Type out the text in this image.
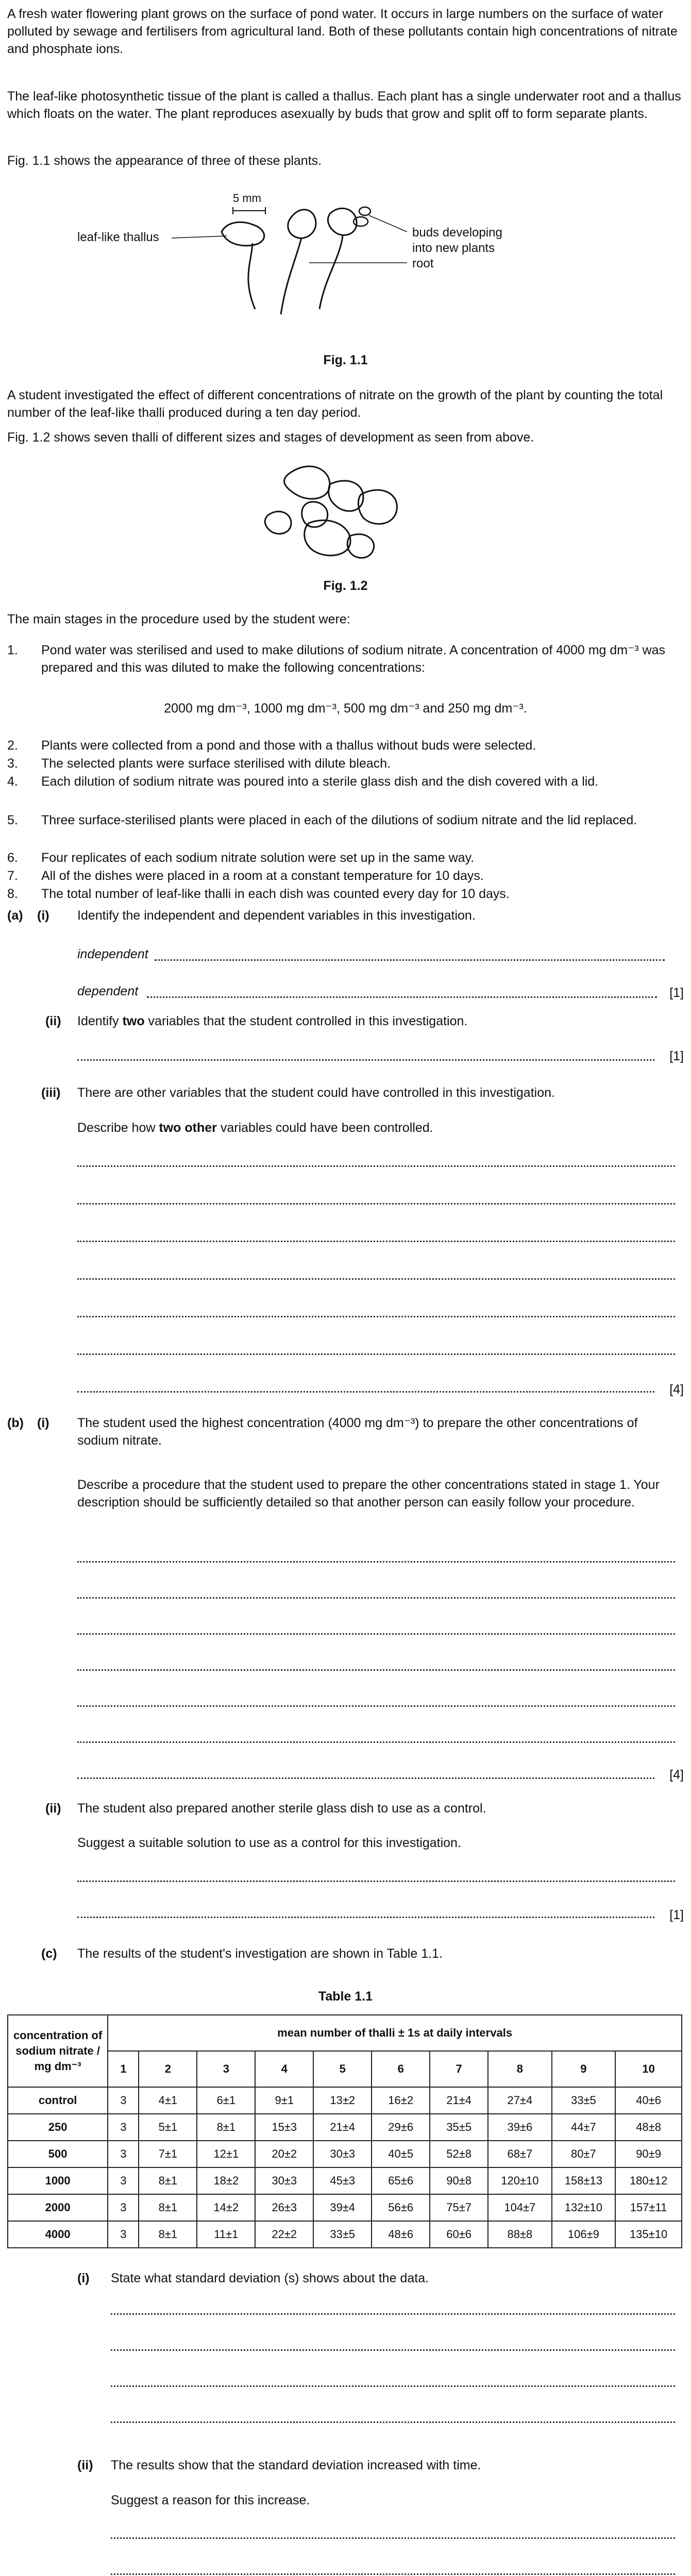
A fresh water flowering plant grows on the surface of pond water. It occurs in large numbers on the surface of water polluted by sewage and fertilisers from agricultural land. Both of these pollutants contain high concentrations of nitrate and phosphate ions.

The leaf-like photosynthetic tissue of the plant is called a thallus. Each plant has a single underwater root and a thallus which floats on the water. The plant reproduces asexually by buds that grow and split off to form separate plants.

Fig. 1.1 shows the appearance of three of these plants.

5 mm
leaf-like thallus	buds developing
into new plants
root
Fig. 1.1

A student investigated the effect of different concentrations of nitrate on the growth of the plant by counting the total number of the leaf-like thalli produced during a ten day period.

Fig. 1.2 shows seven thalli of different sizes and stages of development as seen from above.

Fig. 1.2

The main stages in the procedure used by the student were:

1.	Pond water was sterilised and used to make dilutions of sodium nitrate. A concentration of 4000 mg dm⁻³ was prepared and this was diluted to make the following concentrations:

2000 mg dm⁻³, 1000 mg dm⁻³, 500 mg dm⁻³ and 250 mg dm⁻³.

2.	Plants were collected from a pond and those with a thallus without buds were selected.

3.	The selected plants were surface sterilised with dilute bleach.

4.	Each dilution of sodium nitrate was poured into a sterile glass dish and the dish covered with a lid.

5.	Three surface-sterilised plants were placed in each of the dilutions of sodium nitrate and the lid replaced.

6.	Four replicates of each sodium nitrate solution were set up in the same way.

7.	All of the dishes were placed in a room at a constant temperature for 10 days.

8.	The total number of leaf-like thalli in each dish was counted every day for 10 days.

(a) (i) Identify the independent and dependent variables in this investigation.
independent
dependent	[1]
(ii) Identify two variables that the student controlled in this investigation.
[1]
(iii) There are other variables that the student could have controlled in this investigation.
Describe how two other variables could have been controlled.
[4]
(b) (i) The student used the highest concentration (4000 mg dm⁻³) to prepare the other concentrations of sodium nitrate.

Describe a procedure that the student used to prepare the other concentrations stated in stage 1. Your description should be sufficiently detailed so that another person can easily follow your procedure.

[4]
(ii) The student also prepared another sterile glass dish to use as a control.
Suggest a suitable solution to use as a control for this investigation.
[1]
(c) The results of the student's investigation are shown in Table 1.1.
Table 1.1
concentration of sodium nitrate / mg dm⁻³	mean number of thalli ± 1s at daily intervals									
	1	2	3	4	5	6	7	8	9	10
control	3	4±1	6±1	9±1	13±2	16±2	21±4	27±4	33±5	40±6
250	3	5±1	8±1	15±3	21±4	29±6	35±5	39±6	44±7	48±8
500	3	7±1	12±1	20±2	30±3	40±5	52±8	68±7	80±7	90±9
1000	3	8±1	18±2	30±3	45±3	65±6	90±8	120±10	158±13	180±12
2000	3	8±1	14±2	26±3	39±4	56±6	75±7	104±7	132±10	157±11
4000	3	8±1	11±1	22±2	33±5	48±6	60±6	88±8	106±9	135±10
(i) State what standard deviation (s) shows about the data.
(ii) The results show that the standard deviation increased with time.
Suggest a reason for this increase.
